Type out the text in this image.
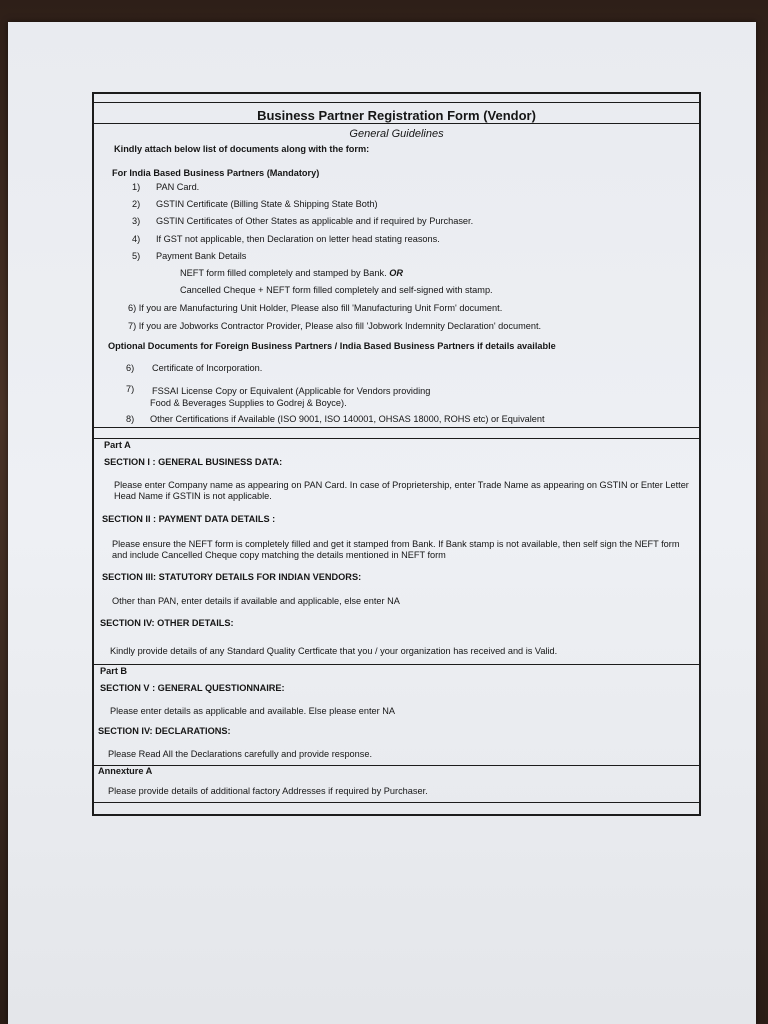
Business Partner Registration Form (Vendor)
General Guidelines
Kindly attach below list of documents along with the form:
For India Based Business Partners (Mandatory)
1) PAN Card.
2) GSTIN Certificate (Billing State & Shipping State Both)
3) GSTIN Certificates of Other States as applicable and if required by Purchaser.
4) If GST not applicable, then Declaration on letter head stating reasons.
5) Payment Bank Details
NEFT form filled completely and stamped by Bank. OR
Cancelled Cheque + NEFT form filled completely and self-signed with stamp.
6) If you are Manufacturing Unit Holder, Please also fill 'Manufacturing Unit Form' document.
7) If you are Jobworks Contractor Provider, Please also fill 'Jobwork Indemnity Declaration' document.
Optional Documents for Foreign Business Partners / India Based Business Partners if details available
6) Certificate of Incorporation.
7) FSSAI License Copy or Equivalent (Applicable for Vendors providing
Food & Beverages Supplies to Godrej & Boyce).
8) Other Certifications if Available (ISO 9001, ISO 140001, OHSAS 18000, ROHS etc) or Equivalent
Part A
SECTION I : GENERAL BUSINESS DATA:
Please enter Company name as appearing on PAN Card. In case of Proprietership, enter Trade Name as appearing on GSTIN or Enter Letter Head Name if GSTIN is not applicable.
SECTION II : PAYMENT DATA DETAILS :
Please ensure the NEFT form is completely filled and get it stamped from Bank. If Bank stamp is not available, then self sign the NEFT form and include Cancelled Cheque copy matching the details mentioned in NEFT form
SECTION III: STATUTORY DETAILS FOR INDIAN VENDORS:
Other than PAN, enter details if available and applicable, else enter NA
SECTION IV: OTHER DETAILS:
Kindly provide details of any Standard Quality Certficate that you / your organization has received and is Valid.
Part B
SECTION V : GENERAL QUESTIONNAIRE:
Please enter details as applicable and available. Else please enter NA
SECTION IV: DECLARATIONS:
Please Read All the Declarations carefully and provide response.
Annexture A
Please provide details of additional factory Addresses if required by Purchaser.
